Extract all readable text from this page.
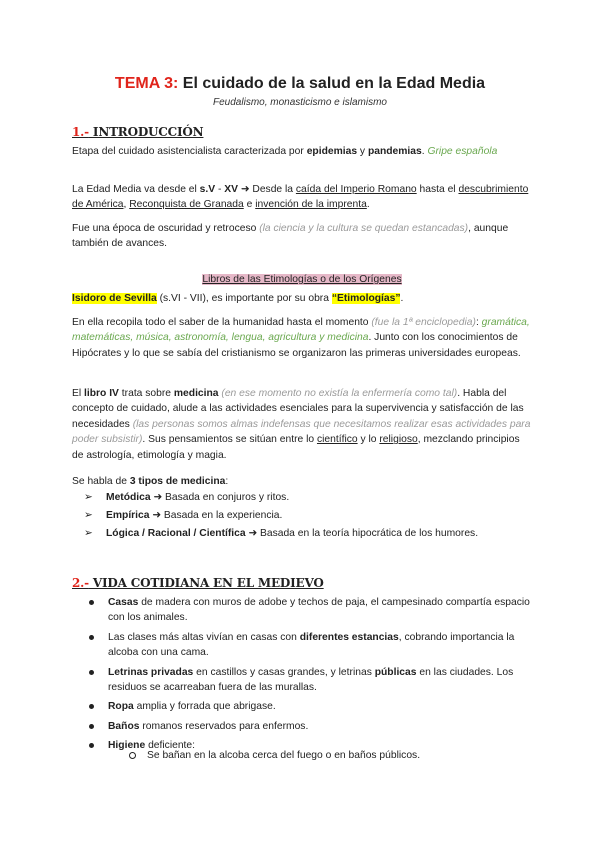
TEMA 3: El cuidado de la salud en la Edad Media
Feudalismo, monasticismo e islamismo
1.- INTRODUCCIÓN

Etapa del cuidado asistencialista caracterizada por epidemias y pandemias. Gripe española

La Edad Media va desde el s.V - XV ➜ Desde la caída del Imperio Romano hasta el descubrimiento de América, Reconquista de Granada e invención de la imprenta.

Fue una época de oscuridad y retroceso (la ciencia y la cultura se quedan estancadas), aunque también de avances.

Libros de las Etimologías o de los Orígenes

Isidoro de Sevilla (s.VI - VII), es importante por su obra “Etimologías”.

En ella recopila todo el saber de la humanidad hasta el momento (fue la 1ª enciclopedia): gramática, matemáticas, música, astronomía, lengua, agricultura y medicina. Junto con los conocimientos de Hipócrates y lo que se sabía del cristianismo se organizaron las primeras universidades europeas.

El libro IV trata sobre medicina (en ese momento no existía la enfermería como tal). Habla del concepto de cuidado, alude a las actividades esenciales para la supervivencia y satisfacción de las necesidades (las personas somos almas indefensas que necesitamos realizar esas actividades para poder subsistir). Sus pensamientos se sitúan entre lo científico y lo religioso, mezclando principios de astrología, etimología y magia.

Se habla de 3 tipos de medicina:

➢ Metódica ➜ Basada en conjuros y ritos.
➢ Empírica ➜ Basada en la experiencia.
➢ Lógica / Racional / Científica ➜ Basada en la teoría hipocrática de los humores.
2.- VIDA COTIDIANA EN EL MEDIEVO
Casas de madera con muros de adobe y techos de paja, el campesinado compartía espacio con los animales.
Las clases más altas vivían en casas con diferentes estancias, cobrando importancia la alcoba con una cama.
Letrinas privadas en castillos y casas grandes, y letrinas públicas en las ciudades. Los residuos se acarreaban fuera de las murallas.
Ropa amplia y forrada que abrigase.
Baños romanos reservados para enfermos.
Higiene deficiente:
Se bañan en la alcoba cerca del fuego o en baños públicos.
